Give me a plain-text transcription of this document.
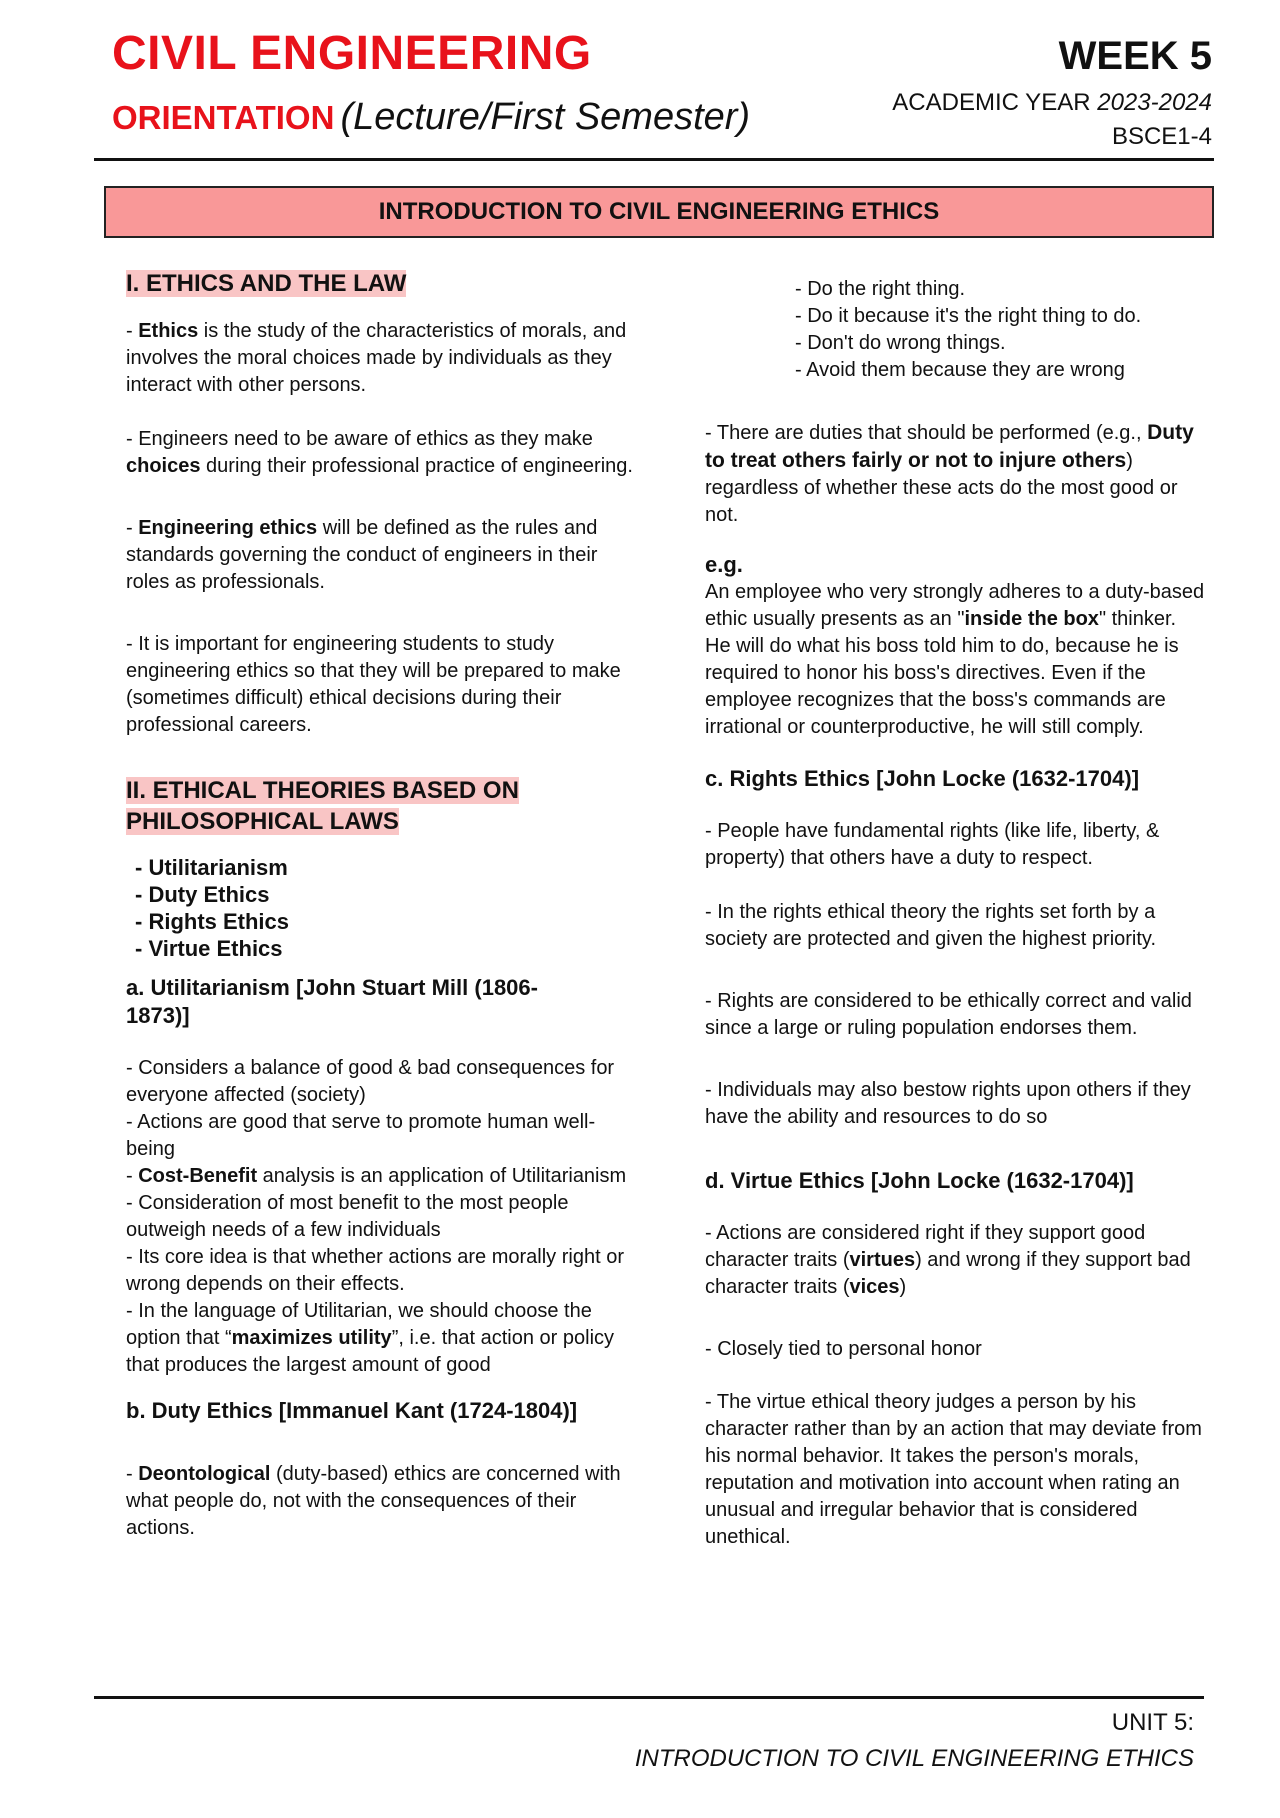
CIVIL ENGINEERING
ORIENTATION (Lecture/First Semester)
WEEK 5
ACADEMIC YEAR 2023-2024
BSCE1-4
INTRODUCTION TO CIVIL ENGINEERING ETHICS
I. ETHICS AND THE LAW

- Ethics is the study of the characteristics of morals, and involves the moral choices made by individuals as they interact with other persons.

- Engineers need to be aware of ethics as they make choices during their professional practice of engineering.

- Engineering ethics will be defined as the rules and standards governing the conduct of engineers in their roles as professionals.

- It is important for engineering students to study engineering ethics so that they will be prepared to make (sometimes difficult) ethical decisions during their professional careers.

II. ETHICAL THEORIES BASED ON
PHILOSOPHICAL LAWS
- Utilitarianism
- Duty Ethics
- Rights Ethics
- Virtue Ethics
a. Utilitarianism [John Stuart Mill (1806-1873)]

- Considers a balance of good & bad consequences for everyone affected (society)

- Actions are good that serve to promote human well-being

- Cost-Benefit analysis is an application of Utilitarianism

- Consideration of most benefit to the most people outweigh needs of a few individuals

- Its core idea is that whether actions are morally right or wrong depends on their effects.

- In the language of Utilitarian, we should choose the option that “maximizes utility”, i.e. that action or policy that produces the largest amount of good

b. Duty Ethics [Immanuel Kant (1724-1804)]

- Deontological (duty-based) ethics are concerned with what people do, not with the consequences of their actions.

- Do the right thing.

- Do it because it's the right thing to do.

- Don't do wrong things.

- Avoid them because they are wrong

- There are duties that should be performed (e.g., Duty to treat others fairly or not to injure others) regardless of whether these acts do the most good or not.

e.g.

An employee who very strongly adheres to a duty-based ethic usually presents as an "inside the box" thinker. He will do what his boss told him to do, because he is required to honor his boss's directives. Even if the employee recognizes that the boss's commands are irrational or counterproductive, he will still comply.

c. Rights Ethics [John Locke (1632-1704)]

- People have fundamental rights (like life, liberty, & property) that others have a duty to respect.

- In the rights ethical theory the rights set forth by a society are protected and given the highest priority.

- Rights are considered to be ethically correct and valid since a large or ruling population endorses them.

- Individuals may also bestow rights upon others if they have the ability and resources to do so

d. Virtue Ethics [John Locke (1632-1704)]

- Actions are considered right if they support good character traits (virtues) and wrong if they support bad character traits (vices)

- Closely tied to personal honor

- The virtue ethical theory judges a person by his character rather than by an action that may deviate from his normal behavior. It takes the person's morals, reputation and motivation into account when rating an unusual and irregular behavior that is considered unethical.

UNIT 5:
INTRODUCTION TO CIVIL ENGINEERING ETHICS
